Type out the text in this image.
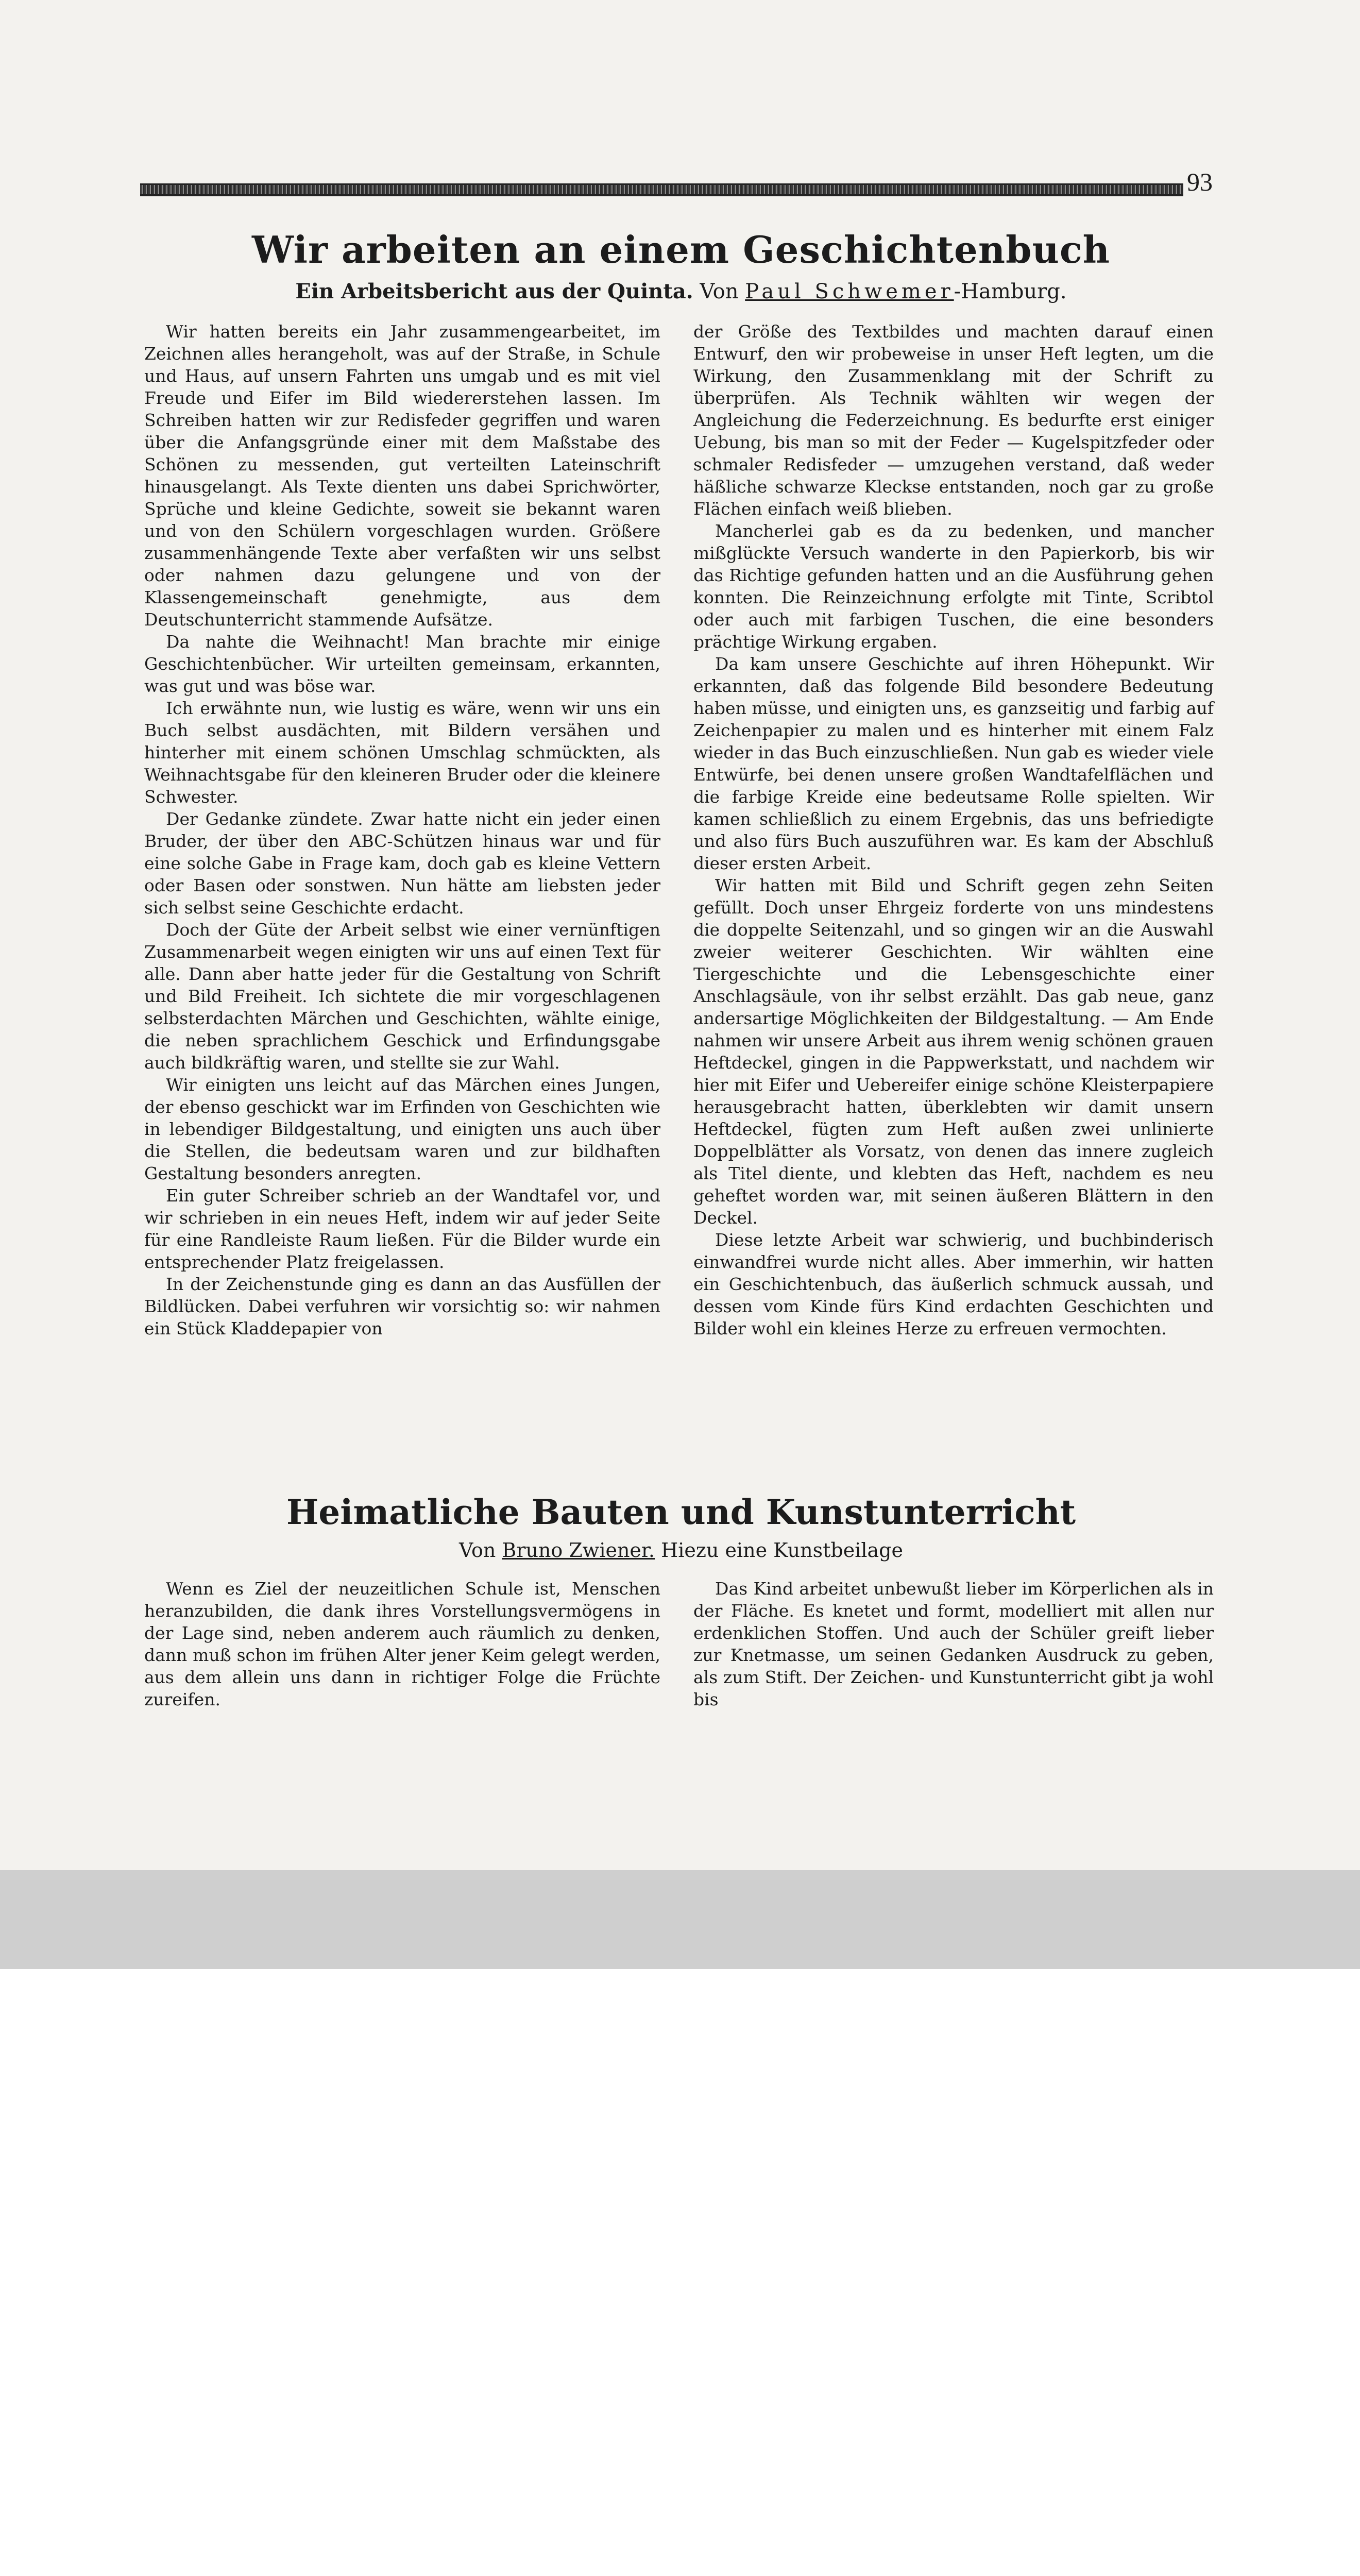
93
Wir arbeiten an einem Geschichtenbuch
Ein Arbeitsbericht aus der Quinta. Von Paul Schwemer-Hamburg.

Wir hatten bereits ein Jahr zusammengearbeitet, im Zeichnen alles herangeholt, was auf der Straße, in Schule und Haus, auf unsern Fahrten uns umgab und es mit viel Freude und Eifer im Bild wiedererstehen lassen. Im Schreiben hatten wir zur Redisfeder gegriffen und waren über die Anfangsgründe einer mit dem Maßstabe des Schönen zu messenden, gut verteilten Lateinschrift hinausgelangt. Als Texte dienten uns dabei Sprichwörter, Sprüche und kleine Gedichte, soweit sie bekannt waren und von den Schülern vorgeschlagen wurden. Größere zusammenhängende Texte aber verfaßten wir uns selbst oder nahmen dazu gelungene und von der Klassengemeinschaft genehmigte, aus dem Deutschunterricht stammende Aufsätze.

Da nahte die Weihnacht! Man brachte mir einige Geschichtenbücher. Wir urteilten gemeinsam, erkannten, was gut und was böse war.

Ich erwähnte nun, wie lustig es wäre, wenn wir uns ein Buch selbst ausdächten, mit Bildern versähen und hinterher mit einem schönen Umschlag schmückten, als Weihnachtsgabe für den kleineren Bruder oder die kleinere Schwester.

Der Gedanke zündete. Zwar hatte nicht ein jeder einen Bruder, der über den ABC-Schützen hinaus war und für eine solche Gabe in Frage kam, doch gab es kleine Vettern oder Basen oder sonstwen. Nun hätte am liebsten jeder sich selbst seine Geschichte erdacht.

Doch der Güte der Arbeit selbst wie einer vernünftigen Zusammenarbeit wegen einigten wir uns auf einen Text für alle. Dann aber hatte jeder für die Gestaltung von Schrift und Bild Freiheit. Ich sichtete die mir vorgeschlagenen selbsterdachten Märchen und Geschichten, wählte einige, die neben sprachlichem Geschick und Erfindungsgabe auch bildkräftig waren, und stellte sie zur Wahl.

Wir einigten uns leicht auf das Märchen eines Jungen, der ebenso geschickt war im Erfinden von Geschichten wie in lebendiger Bildgestaltung, und einigten uns auch über die Stellen, die bedeutsam waren und zur bildhaften Gestaltung besonders anregten.

Ein guter Schreiber schrieb an der Wandtafel vor, und wir schrieben in ein neues Heft, indem wir auf jeder Seite für eine Randleiste Raum ließen. Für die Bilder wurde ein entsprechender Platz freigelassen.

In der Zeichenstunde ging es dann an das Ausfüllen der Bildlücken. Dabei verfuhren wir vorsichtig so: wir nahmen ein Stück Kladdepapier von

der Größe des Textbildes und machten darauf einen Entwurf, den wir probeweise in unser Heft legten, um die Wirkung, den Zusammenklang mit der Schrift zu überprüfen. Als Technik wählten wir wegen der Angleichung die Federzeichnung. Es bedurfte erst einiger Uebung, bis man so mit der Feder — Kugelspitzfeder oder schmaler Redisfeder — umzugehen verstand, daß weder häßliche schwarze Kleckse entstanden, noch gar zu große Flächen einfach weiß blieben.

Mancherlei gab es da zu bedenken, und mancher mißglückte Versuch wanderte in den Papierkorb, bis wir das Richtige gefunden hatten und an die Ausführung gehen konnten. Die Reinzeichnung erfolgte mit Tinte, Scribtol oder auch mit farbigen Tuschen, die eine besonders prächtige Wirkung ergaben.

Da kam unsere Geschichte auf ihren Höhepunkt. Wir erkannten, daß das folgende Bild besondere Bedeutung haben müsse, und einigten uns, es ganzseitig und farbig auf Zeichenpapier zu malen und es hinterher mit einem Falz wieder in das Buch einzuschließen. Nun gab es wieder viele Entwürfe, bei denen unsere großen Wandtafelflächen und die farbige Kreide eine bedeutsame Rolle spielten. Wir kamen schließlich zu einem Ergebnis, das uns befriedigte und also fürs Buch auszuführen war. Es kam der Abschluß dieser ersten Arbeit.

Wir hatten mit Bild und Schrift gegen zehn Seiten gefüllt. Doch unser Ehrgeiz forderte von uns mindestens die doppelte Seitenzahl, und so gingen wir an die Auswahl zweier weiterer Geschichten. Wir wählten eine Tiergeschichte und die Lebensgeschichte einer Anschlagsäule, von ihr selbst erzählt. Das gab neue, ganz andersartige Möglichkeiten der Bildgestaltung. — Am Ende nahmen wir unsere Arbeit aus ihrem wenig schönen grauen Heftdeckel, gingen in die Pappwerkstatt, und nachdem wir hier mit Eifer und Uebereifer einige schöne Kleisterpapiere herausgebracht hatten, überklebten wir damit unsern Heftdeckel, fügten zum Heft außen zwei unlinierte Doppelblätter als Vorsatz, von denen das innere zugleich als Titel diente, und klebten das Heft, nachdem es neu geheftet worden war, mit seinen äußeren Blättern in den Deckel.

Diese letzte Arbeit war schwierig, und buchbinderisch einwandfrei wurde nicht alles. Aber immerhin, wir hatten ein Geschichtenbuch, das äußerlich schmuck aussah, und dessen vom Kinde fürs Kind erdachten Geschichten und Bilder wohl ein kleines Herze zu erfreuen vermochten.

Heimatliche Bauten und Kunstunterricht
Von Bruno Zwiener. Hiezu eine Kunstbeilage

Wenn es Ziel der neuzeitlichen Schule ist, Menschen heranzubilden, die dank ihres Vorstellungsvermögens in der Lage sind, neben anderem auch räumlich zu denken, dann muß schon im frühen Alter jener Keim gelegt werden, aus dem allein uns dann in richtiger Folge die Früchte zureifen.

Das Kind arbeitet unbewußt lieber im Körperlichen als in der Fläche. Es knetet und formt, modelliert mit allen nur erdenklichen Stoffen. Und auch der Schüler greift lieber zur Knetmasse, um seinen Gedanken Ausdruck zu geben, als zum Stift. Der Zeichen- und Kunstunterricht gibt ja wohl bis
